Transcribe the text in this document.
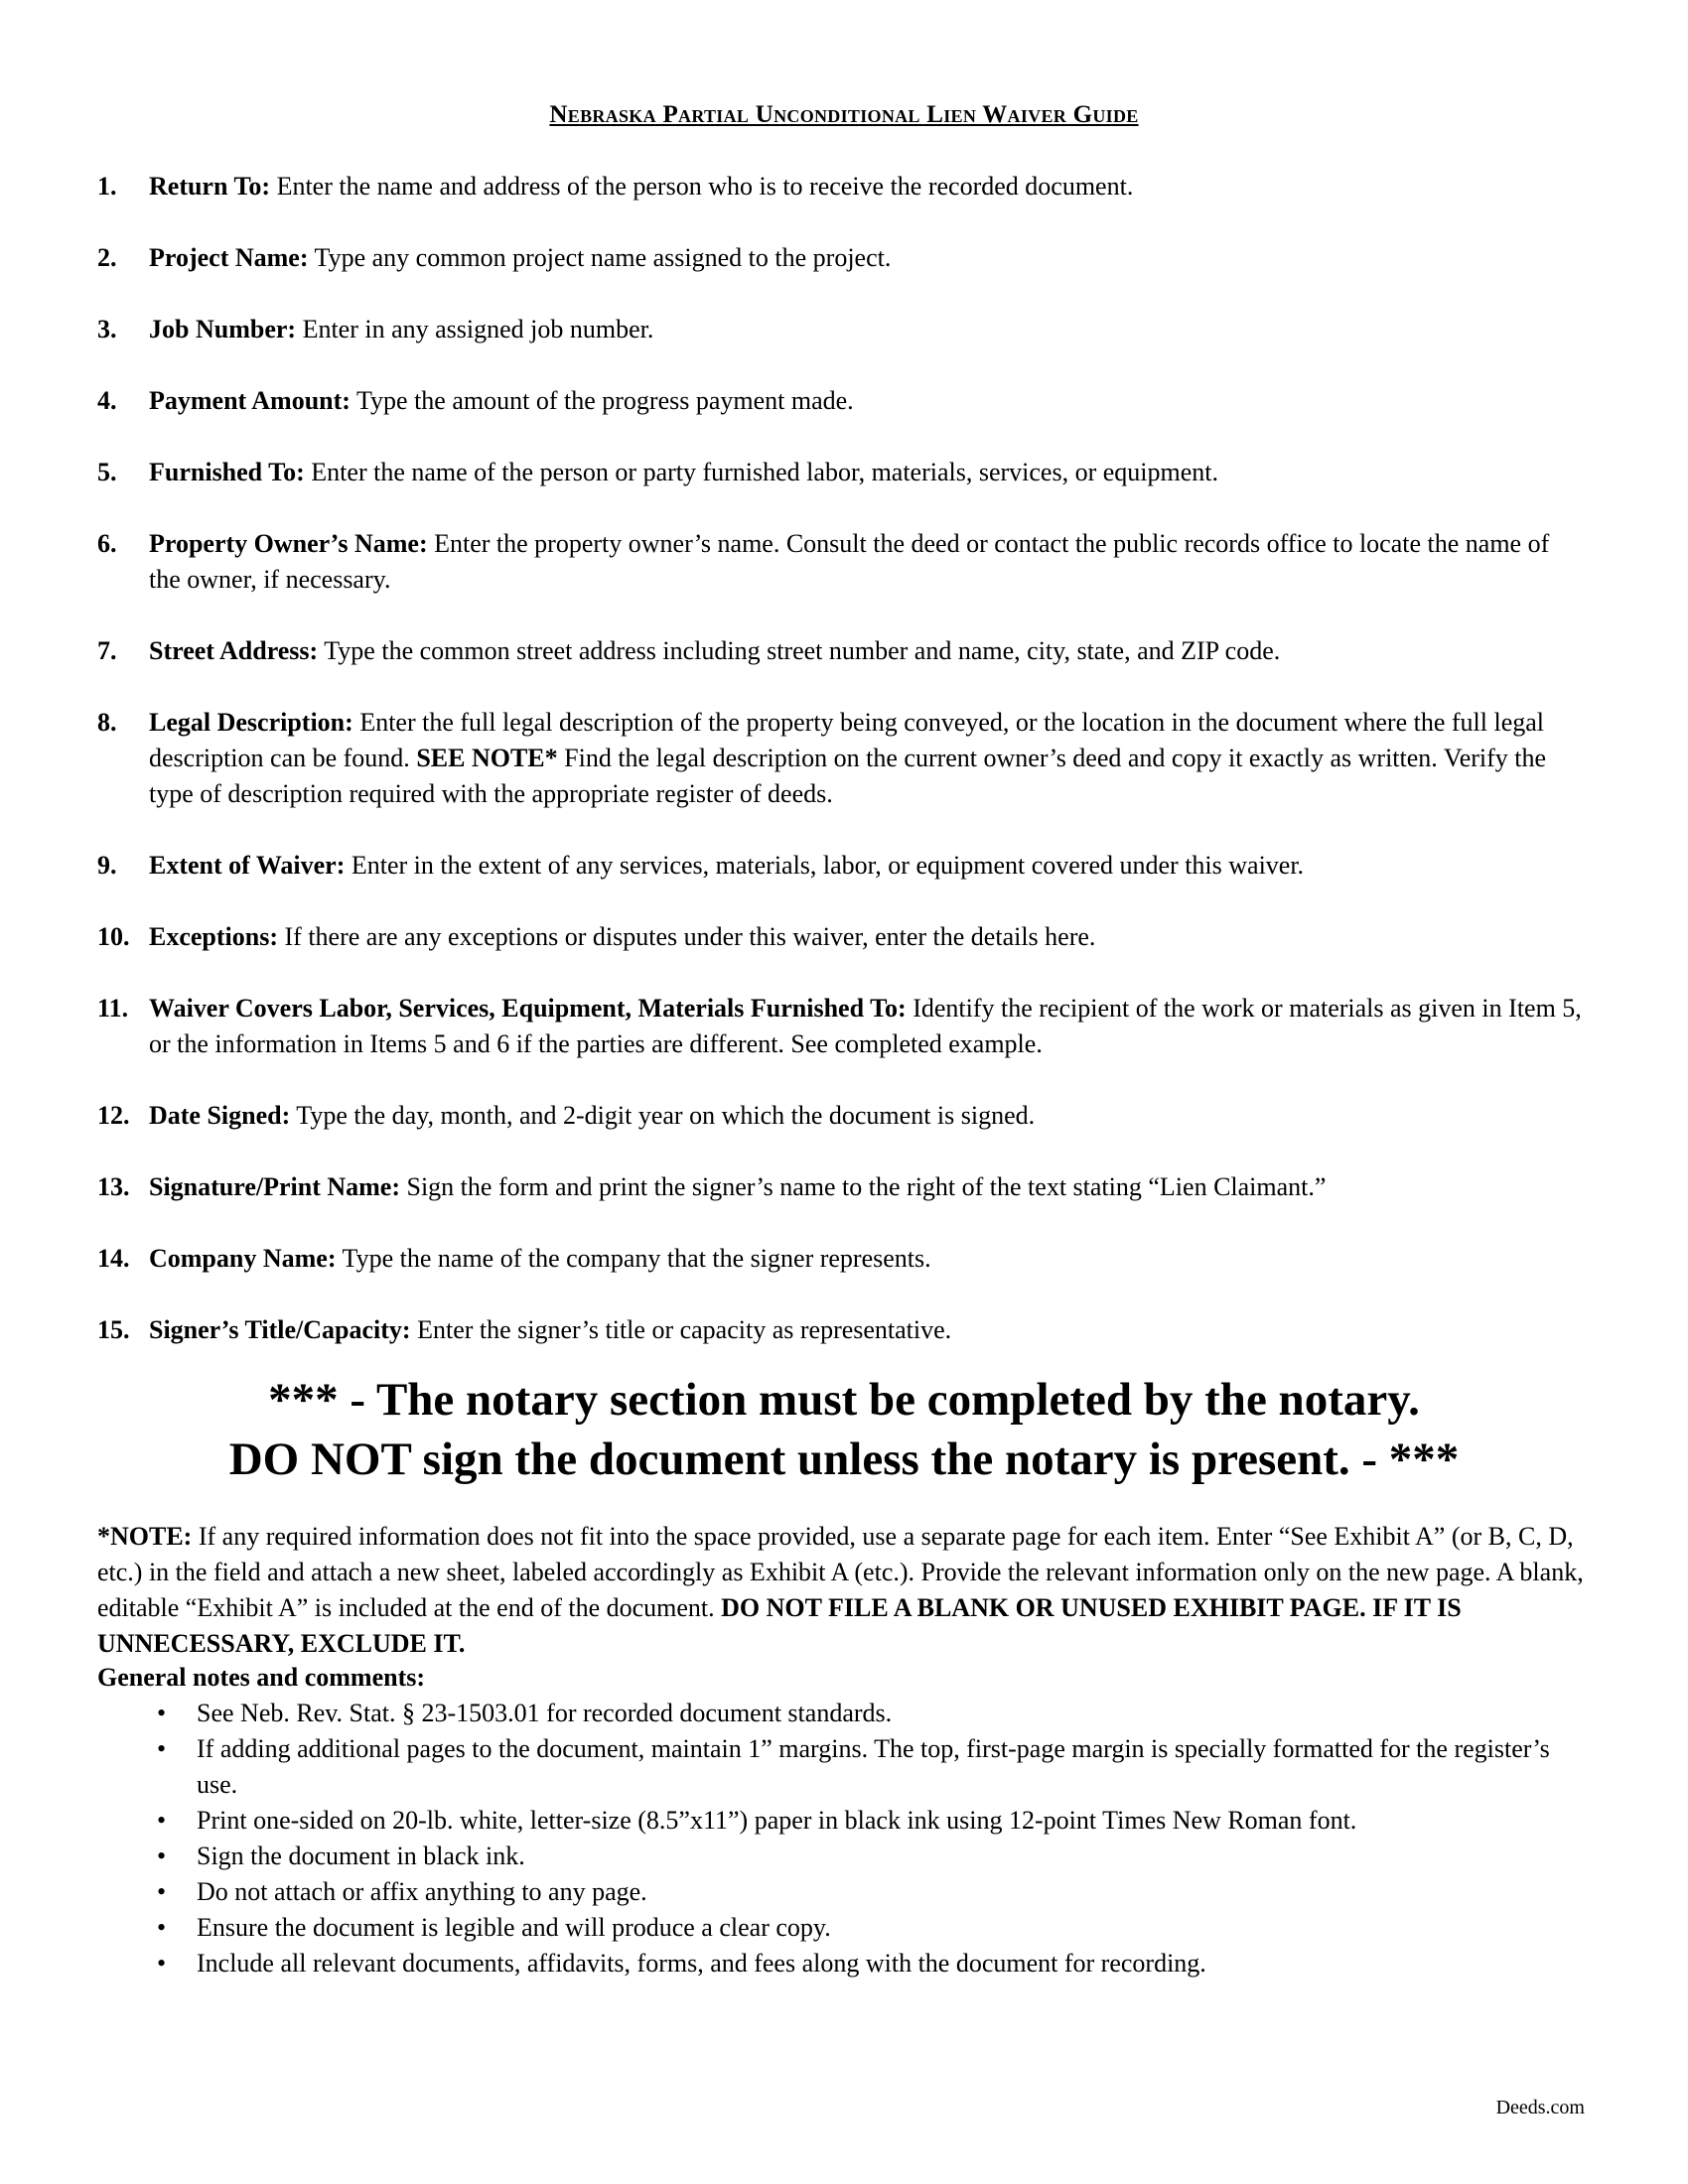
Nebraska Partial Unconditional Lien Waiver Guide
1. Return To: Enter the name and address of the person who is to receive the recorded document.
2. Project Name: Type any common project name assigned to the project.
3. Job Number: Enter in any assigned job number.
4. Payment Amount: Type the amount of the progress payment made.
5. Furnished To: Enter the name of the person or party furnished labor, materials, services, or equipment.
6. Property Owner’s Name: Enter the property owner’s name. Consult the deed or contact the public records office to locate the name of the owner, if necessary.
7. Street Address: Type the common street address including street number and name, city, state, and ZIP code.
8. Legal Description: Enter the full legal description of the property being conveyed, or the location in the document where the full legal description can be found. SEE NOTE* Find the legal description on the current owner’s deed and copy it exactly as written. Verify the type of description required with the appropriate register of deeds.
9. Extent of Waiver: Enter in the extent of any services, materials, labor, or equipment covered under this waiver.
10. Exceptions: If there are any exceptions or disputes under this waiver, enter the details here.
11. Waiver Covers Labor, Services, Equipment, Materials Furnished To: Identify the recipient of the work or materials as given in Item 5, or the information in Items 5 and 6 if the parties are different. See completed example.
12. Date Signed: Type the day, month, and 2-digit year on which the document is signed.
13. Signature/Print Name: Sign the form and print the signer’s name to the right of the text stating “Lien Claimant.”
14. Company Name: Type the name of the company that the signer represents.
15. Signer’s Title/Capacity: Enter the signer’s title or capacity as representative.
*** - The notary section must be completed by the notary.
DO NOT sign the document unless the notary is present. - ***
*NOTE: If any required information does not fit into the space provided, use a separate page for each item. Enter “See Exhibit A” (or B, C, D, etc.) in the field and attach a new sheet, labeled accordingly as Exhibit A (etc.). Provide the relevant information only on the new page. A blank, editable “Exhibit A” is included at the end of the document. DO NOT FILE A BLANK OR UNUSED EXHIBIT PAGE. IF IT IS UNNECESSARY, EXCLUDE IT.
General notes and comments:
• See Neb. Rev. Stat. § 23-1503.01 for recorded document standards.
• If adding additional pages to the document, maintain 1” margins. The top, first-page margin is specially formatted for the register’s use.
• Print one-sided on 20-lb. white, letter-size (8.5”x11”) paper in black ink using 12-point Times New Roman font.
• Sign the document in black ink.
• Do not attach or affix anything to any page.
• Ensure the document is legible and will produce a clear copy.
• Include all relevant documents, affidavits, forms, and fees along with the document for recording.
Deeds.com
